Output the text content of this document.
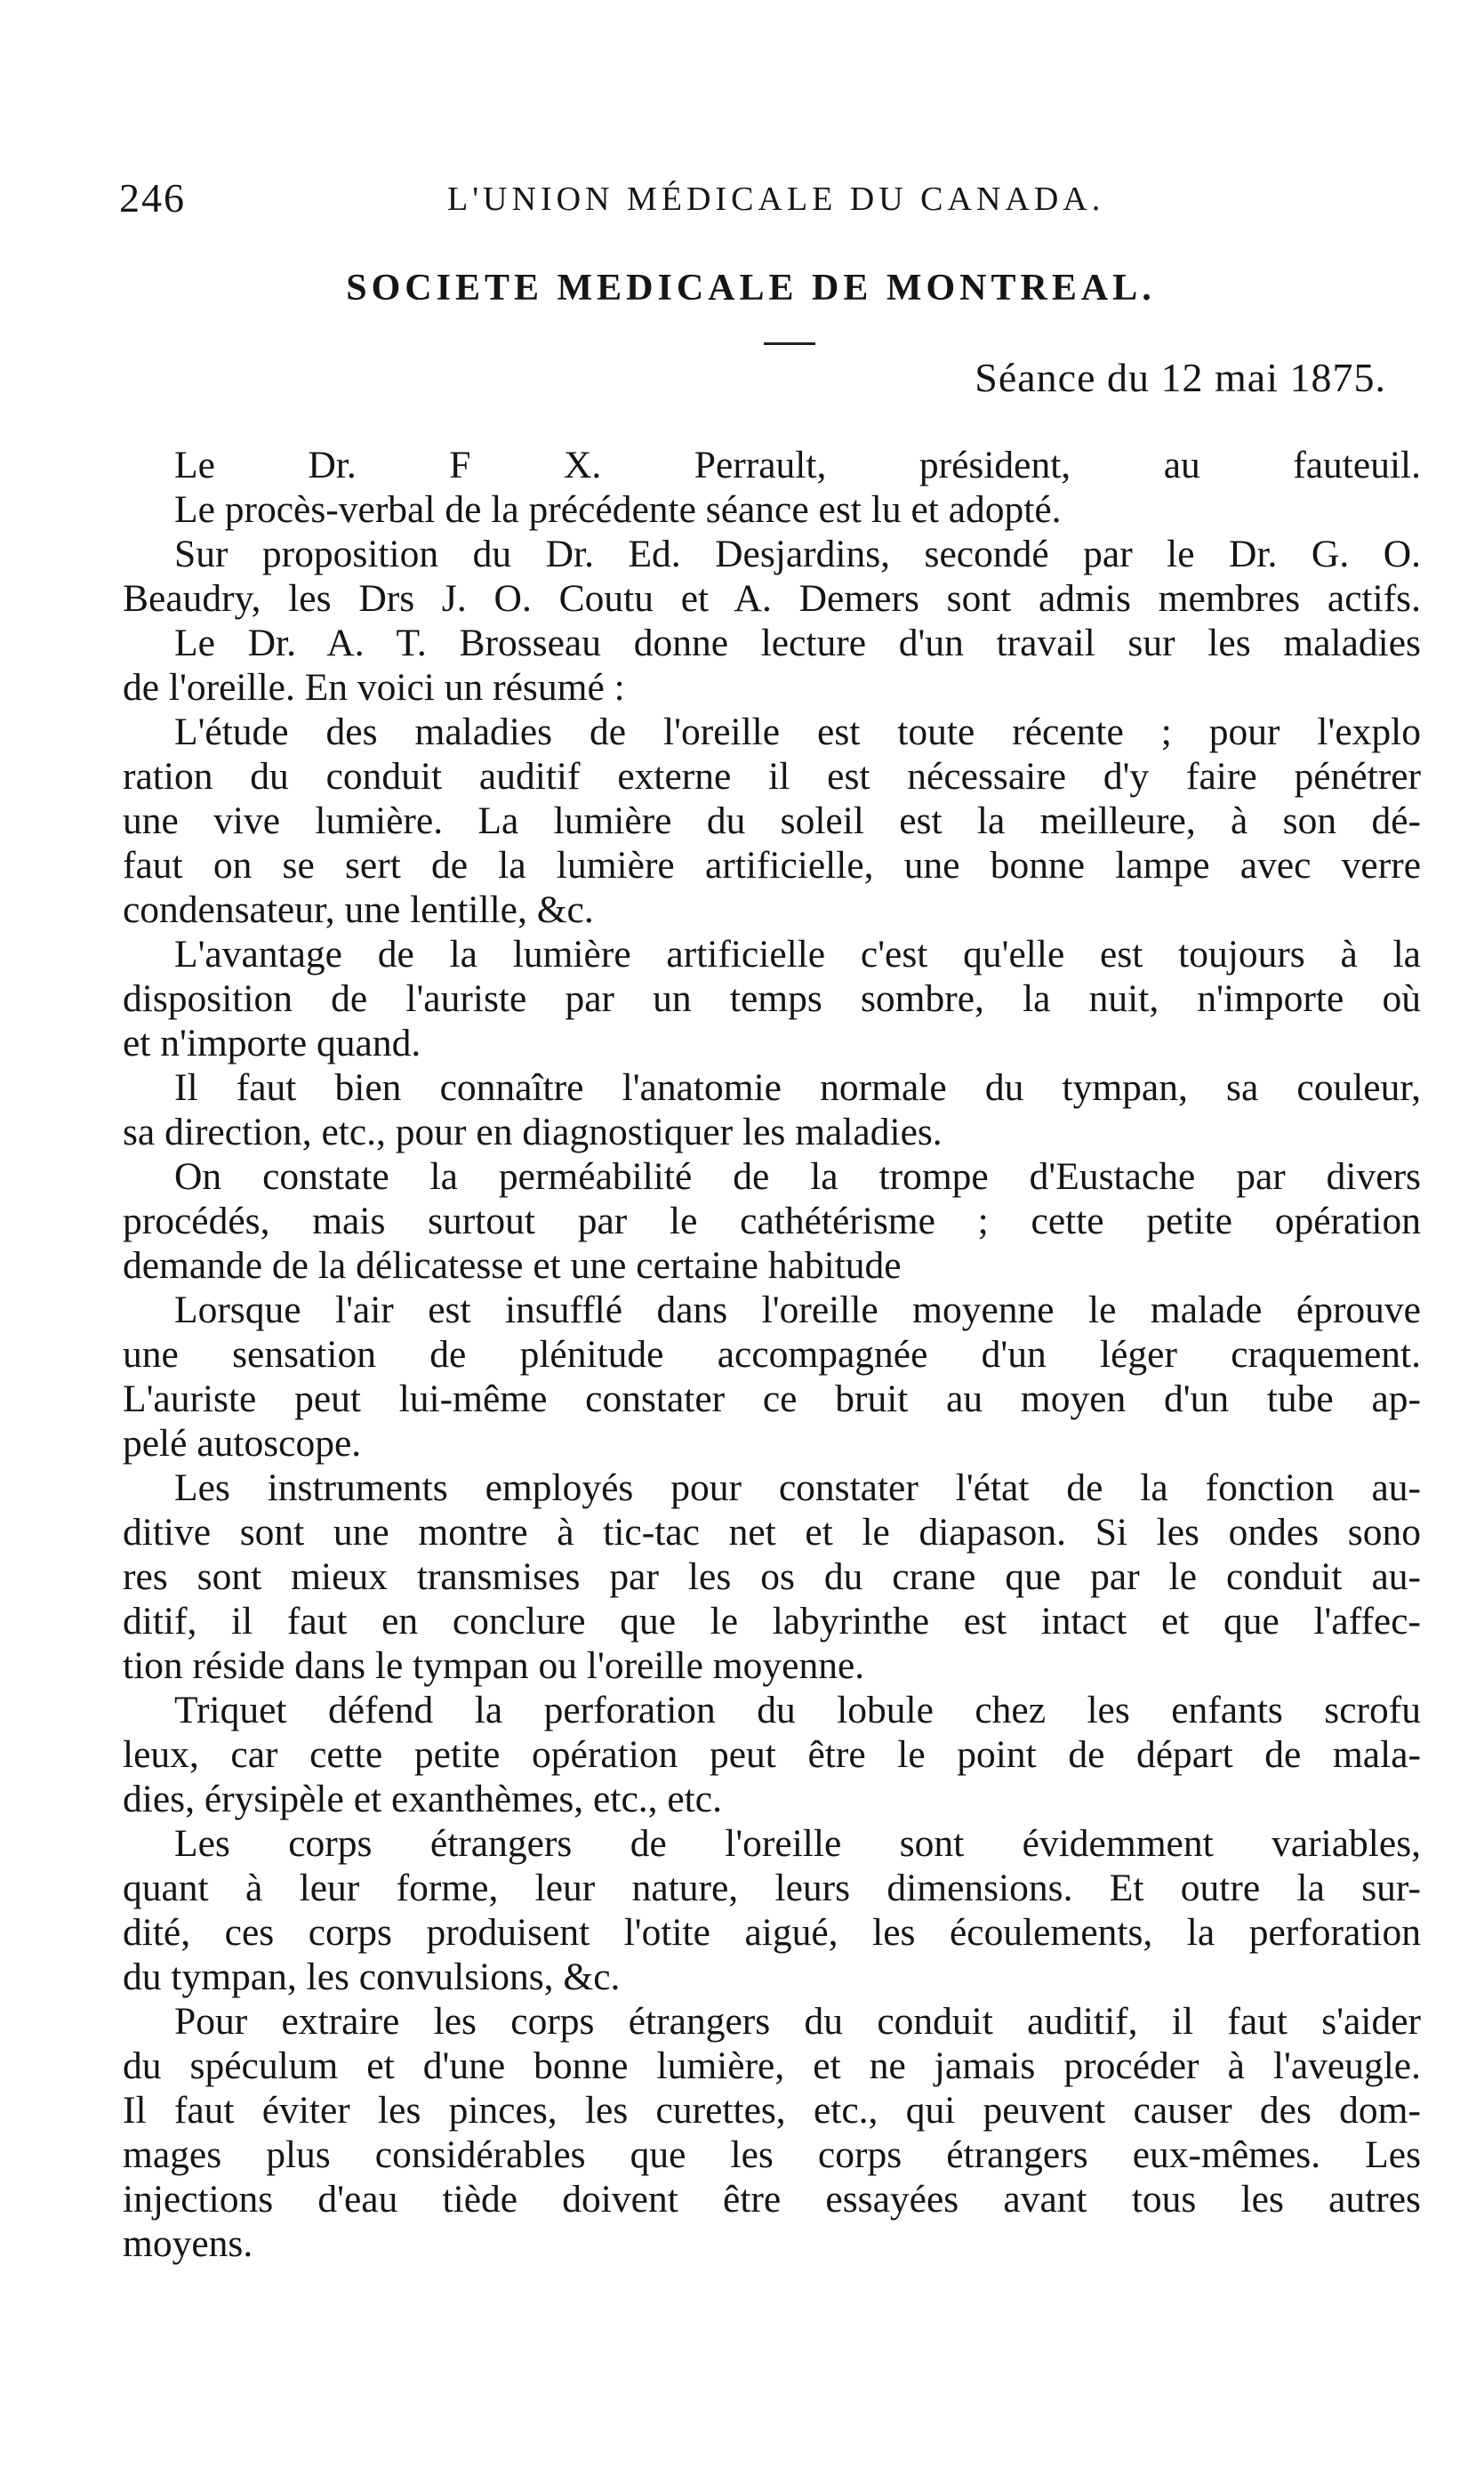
246	L'UNION MÉDICALE DU CANADA.
SOCIETE MEDICALE DE MONTREAL.
Séance du 12 mai 1875.
Le Dr. F X. Perrault, président, au fauteuil.
Le procès-verbal de la précédente séance est lu et adopté.
Sur proposition du Dr. Ed. Desjardins, secondé par le Dr. G. O.
Beaudry, les Drs J. O. Coutu et A. Demers sont admis membres actifs.
Le Dr. A. T. Brosseau donne lecture d'un travail sur les maladies
de l'oreille. En voici un résumé :
L'étude des maladies de l'oreille est toute récente ; pour l'explo
ration du conduit auditif externe il est nécessaire d'y faire pénétrer
une vive lumière. La lumière du soleil est la meilleure, à son dé-
faut on se sert de la lumière artificielle, une bonne lampe avec verre
condensateur, une lentille, &c.
L'avantage de la lumière artificielle c'est qu'elle est toujours à la
disposition de l'auriste par un temps sombre, la nuit, n'importe où
et n'importe quand.
Il faut bien connaître l'anatomie normale du tympan, sa couleur,
sa direction, etc., pour en diagnostiquer les maladies.
On constate la perméabilité de la trompe d'Eustache par divers
procédés, mais surtout par le cathétérisme ; cette petite opération
demande de la délicatesse et une certaine habitude
Lorsque l'air est insufflé dans l'oreille moyenne le malade éprouve
une sensation de plénitude accompagnée d'un léger craquement.
L'auriste peut lui-même constater ce bruit au moyen d'un tube ap-
pelé autoscope.
Les instruments employés pour constater l'état de la fonction au-
ditive sont une montre à tic-tac net et le diapason. Si les ondes sono
res sont mieux transmises par les os du crane que par le conduit au-
ditif, il faut en conclure que le labyrinthe est intact et que l'affec-
tion réside dans le tympan ou l'oreille moyenne.
Triquet défend la perforation du lobule chez les enfants scrofu
leux, car cette petite opération peut être le point de départ de mala-
dies, érysipèle et exanthèmes, etc., etc.
Les corps étrangers de l'oreille sont évidemment variables,
quant à leur forme, leur nature, leurs dimensions. Et outre la sur-
dité, ces corps produisent l'otite aigué, les écoulements, la perforation
du tympan, les convulsions, &c.
Pour extraire les corps étrangers du conduit auditif, il faut s'aider
du spéculum et d'une bonne lumière, et ne jamais procéder à l'aveugle.
Il faut éviter les pinces, les curettes, etc., qui peuvent causer des dom-
mages plus considérables que les corps étrangers eux-mêmes. Les
injections d'eau tiède doivent être essayées avant tous les autres
moyens.
